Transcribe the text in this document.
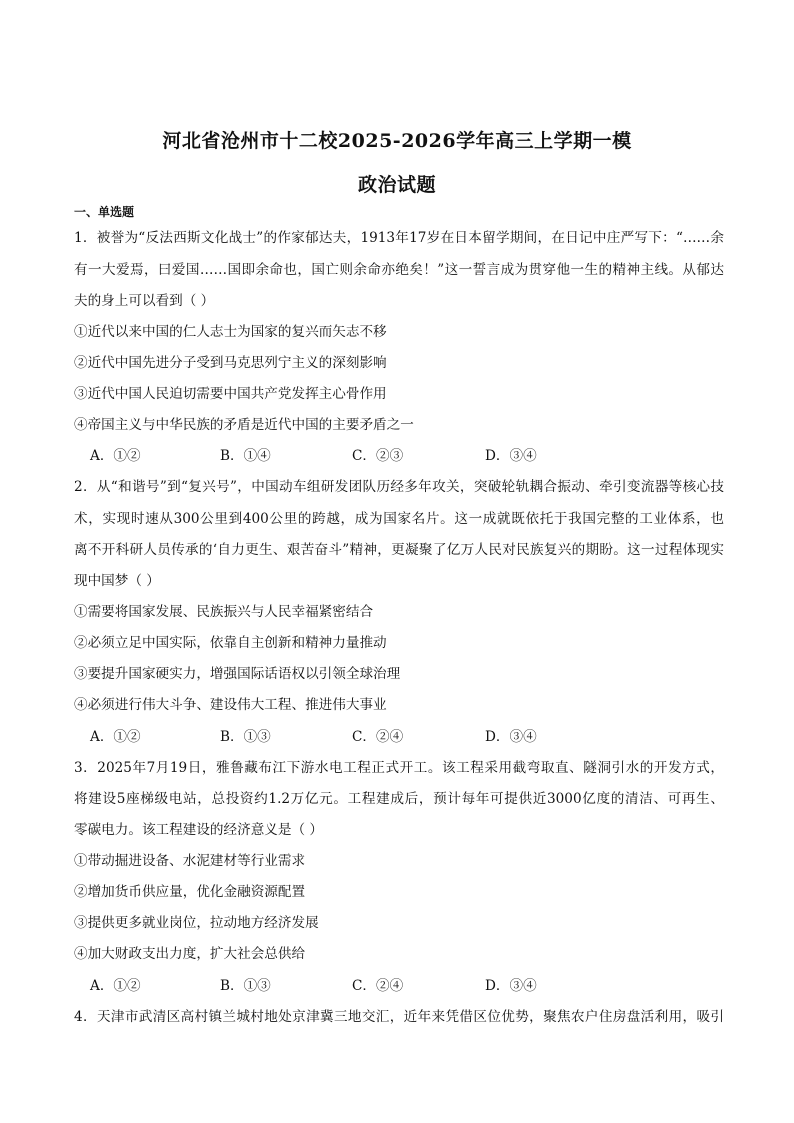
河北省沧州市十二校2025-2026学年高三上学期一模
政治试题
一、单选题
1．被誉为“反法西斯文化战士”的作家郁达夫，1913年17岁在日本留学期间，在日记中庄严写下：“……余
有一大爱焉，曰爱国……国即余命也，国亡则余命亦绝矣！”这一誓言成为贯穿他一生的精神主线。从郁达
夫的身上可以看到（ ）
①近代以来中国的仁人志士为国家的复兴而矢志不移
②近代中国先进分子受到马克思列宁主义的深刻影响
③近代中国人民迫切需要中国共产党发挥主心骨作用
④帝国主义与中华民族的矛盾是近代中国的主要矛盾之一
A．①②	B．①④	C．②③	D．③④
2．从“和谐号”到“复兴号”，中国动车组研发团队历经多年攻关，突破轮轨耦合振动、牵引变流器等核心技
术，实现时速从300公里到400公里的跨越，成为国家名片。这一成就既依托于我国完整的工业体系，也
离不开科研人员传承的‘自力更生、艰苦奋斗”精神，更凝聚了亿万人民对民族复兴的期盼。这一过程体现实
现中国梦（ ）
①需要将国家发展、民族振兴与人民幸福紧密结合
②必须立足中国实际，依靠自主创新和精神力量推动
③要提升国家硬实力，增强国际话语权以引领全球治理
④必须进行伟大斗争、建设伟大工程、推进伟大事业
A．①②	B．①③	C．②④	D．③④
3．2025年7月19日，雅鲁藏布江下游水电工程正式开工。该工程采用截弯取直、隧洞引水的开发方式，
将建设5座梯级电站，总投资约1.2万亿元。工程建成后，预计每年可提供近3000亿度的清洁、可再生、
零碳电力。该工程建设的经济意义是（ ）
①带动掘进设备、水泥建材等行业需求
②增加货币供应量，优化金融资源配置
③提供更多就业岗位，拉动地方经济发展
④加大财政支出力度，扩大社会总供给
A．①②	B．①③	C．②④	D．③④
4．天津市武清区高村镇兰城村地处京津冀三地交汇，近年来凭借区位优势，聚焦农户住房盘活利用，吸引
